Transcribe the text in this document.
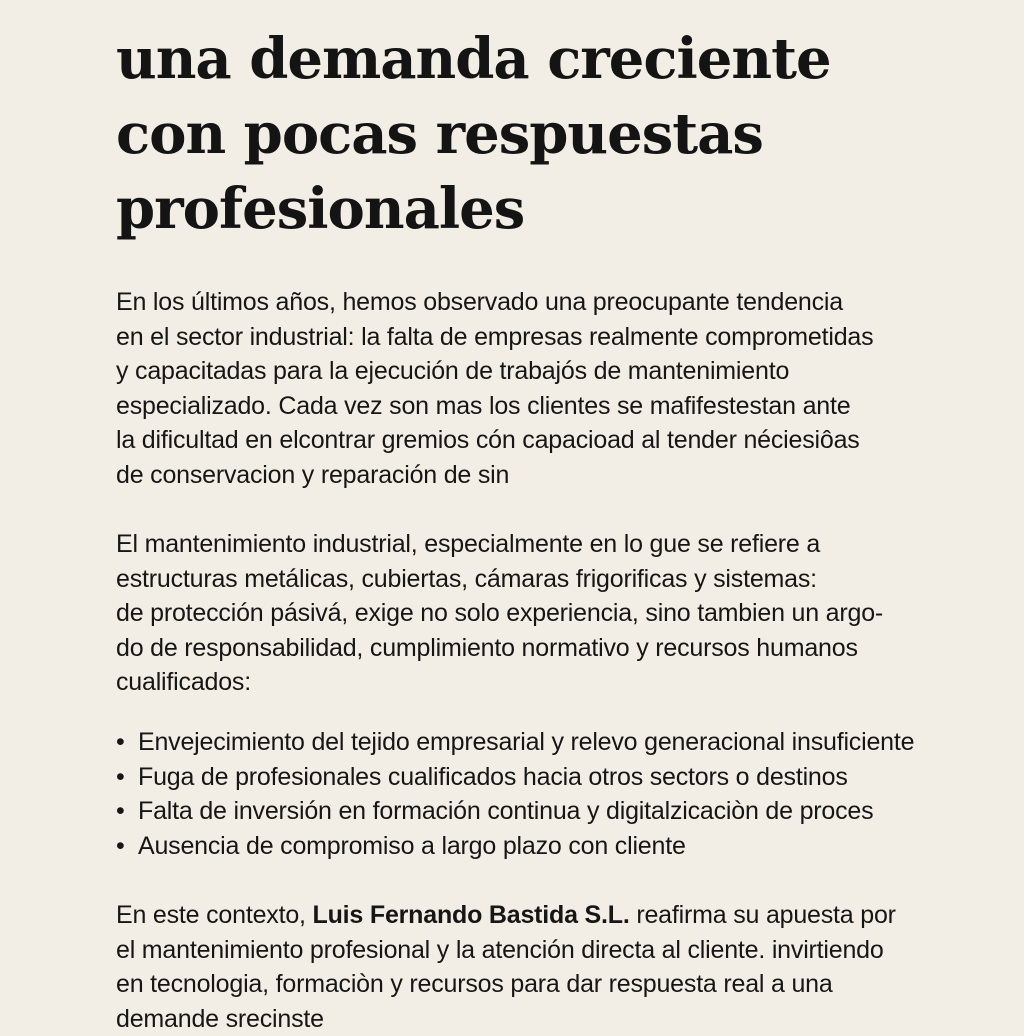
una demanda creciente
con pocas respuestas
profesionales
En los últimos años, hemos observado una preocupante tendencia
en el sector industrial: la falta de empresas realmente comprometidas
y capacitadas para la ejecución de trabajós de mantenimiento
especializado. Cada vez son mas los clientes se mafifestestan ante
la dificultad en elcontrar gremios cón capacioad al tender néciesiôas
de conservacion y reparación de sin
El mantenimiento industrial, especialmente en lo gue se refiere a
estructuras metálicas, cubiertas, cámaras frigorificas y sistemas:
de protección pásivá, exige no solo experiencia, sino tambien un argo-
do de responsabilidad, cumplimiento normativo y recursos humanos
cualificados:
• Envejecimiento del tejido empresarial y relevo generacional insuficiente
• Fuga de profesionales cualificados hacia otros sectors o destinos
• Falta de inversión en formación continua y digitalzicaciòn de proces
• Ausencia de compromiso a largo plazo con cliente
En este contexto, Luis Fernando Bastida S.L. reafirma su apuesta por
el mantenimiento profesional y la atención directa al cliente. invirtiendo
en tecnologia, formaciòn y recursos para dar respuesta real a una
demande srecinste
